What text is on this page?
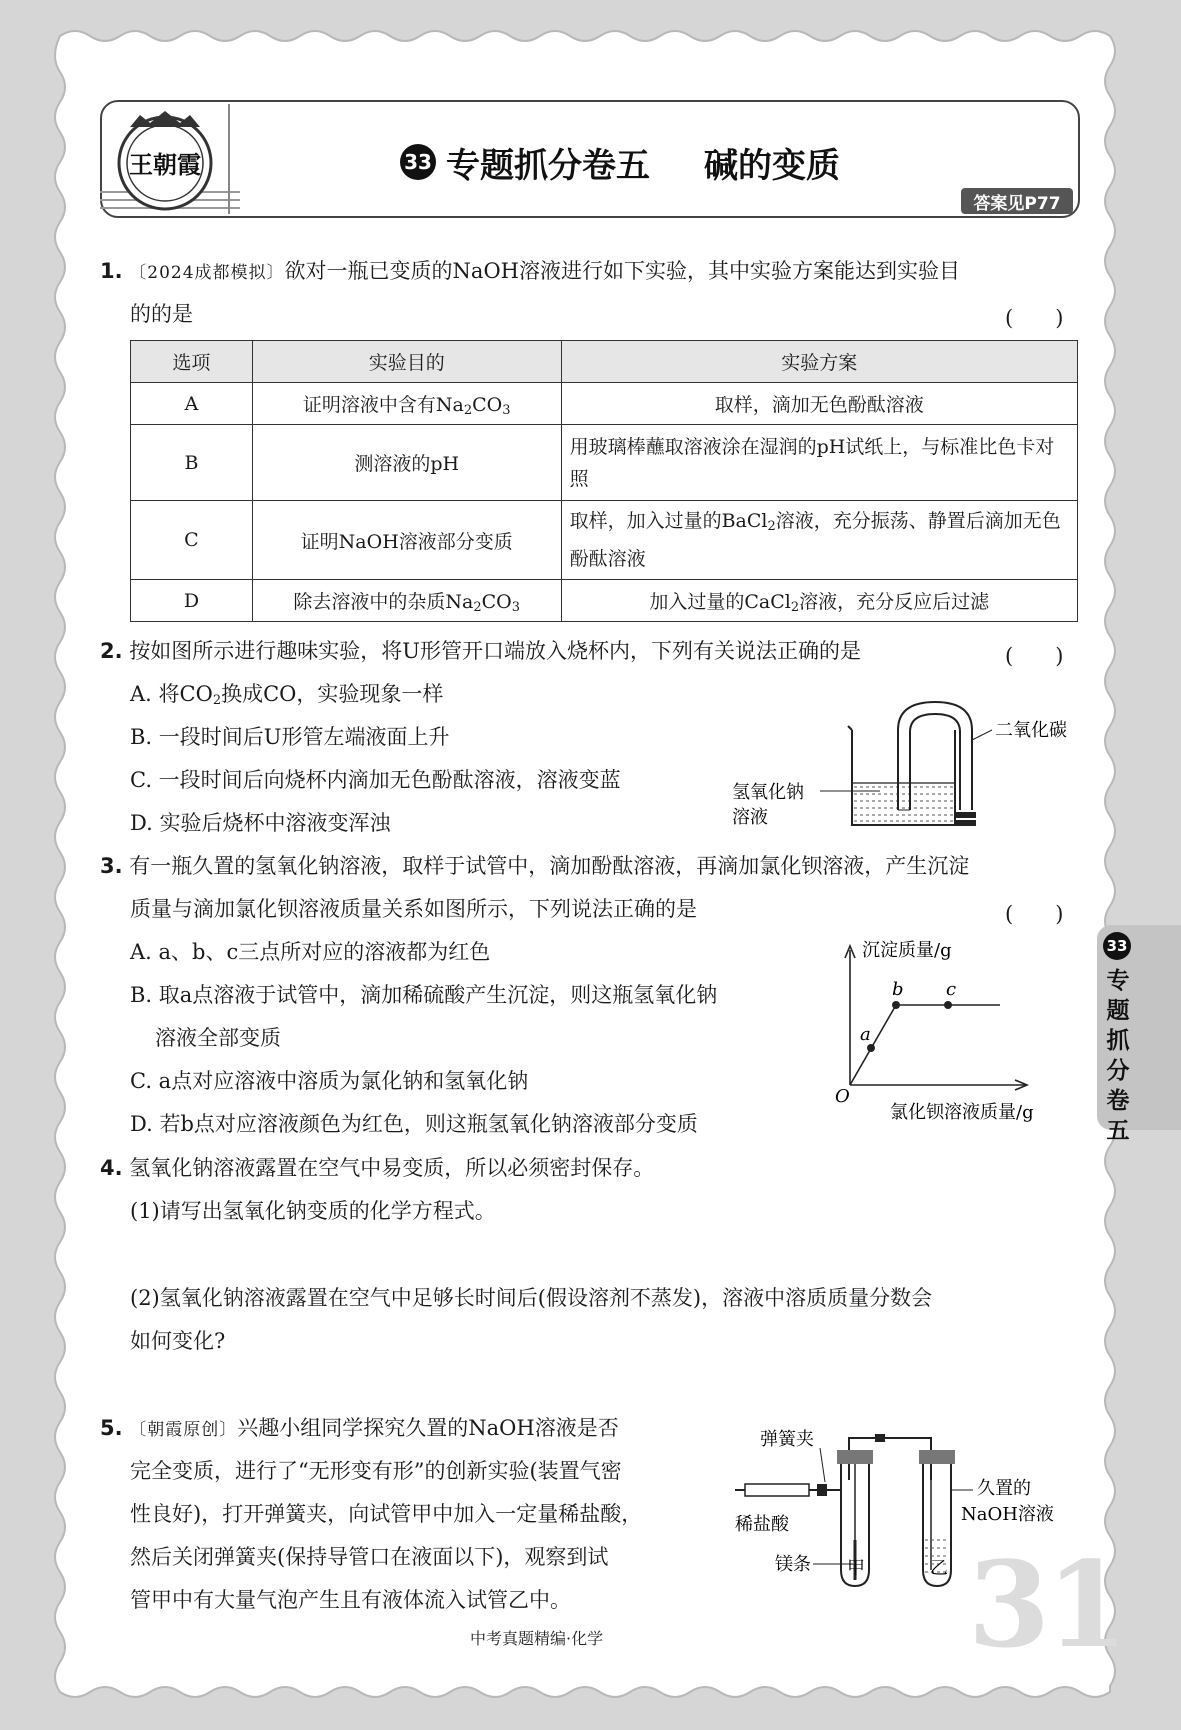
王朝霞	33 专题抓分卷五 碱的变质
答案见P77
1. 〔2024成都模拟〕欲对一瓶已变质的NaOH溶液进行如下实验，其中实验方案能达到实验目
的的是	(　　)
选项	实验目的	实验方案
A	证明溶液中含有$Na_2CO_3$	取样，滴加无色酚酞溶液
B	测溶液的pH	用玻璃棒蘸取溶液涂在湿润的pH试纸上，与标准比色卡对照
C	证明NaOH溶液部分变质	取样，加入过量的BaCl$_2$溶液，充分振荡、静置后滴加无色酚酞溶液
D	除去溶液中的杂质$Na_2CO_3$	加入过量的CaCl$_2$溶液，充分反应后过滤
2. 按如图所示进行趣味实验，将U形管开口端放入烧杯内，下列有关说法正确的是	(　　)
A. 将$CO_2$换成CO，实验现象一样
B. 一段时间后U形管左端液面上升
C. 一段时间后向烧杯内滴加无色酚酞溶液，溶液变蓝
D. 实验后烧杯中溶液变浑浊
二氧化碳
氢氧化钠
溶液
3. 有一瓶久置的氢氧化钠溶液，取样于试管中，滴加酚酞溶液，再滴加氯化钡溶液，产生沉淀
质量与滴加氯化钡溶液质量关系如图所示，下列说法正确的是	(　　)
A. a、b、c三点所对应的溶液都为红色
B. 取a点溶液于试管中，滴加稀硫酸产生沉淀，则这瓶氢氧化钠
溶液全部变质
C. a点对应溶液中溶质为氯化钠和氢氧化钠
D. 若b点对应溶液颜色为红色，则这瓶氢氧化钠溶液部分变质
沉淀质量/g
氯化钡溶液质量/g
O
a
b c
4. 氢氧化钠溶液露置在空气中易变质，所以必须密封保存。
(1)请写出氢氧化钠变质的化学方程式。
(2)氢氧化钠溶液露置在空气中足够长时间后(假设溶剂不蒸发)，溶液中溶质质量分数会
如何变化?
5. 〔朝霞原创〕兴趣小组同学探究久置的NaOH溶液是否
完全变质，进行了“无形变有形”的创新实验(装置气密
性良好)，打开弹簧夹，向试管甲中加入一定量稀盐酸，
然后关闭弹簧夹(保持导管口在液面以下)，观察到试
管甲中有大量气泡产生且有液体流入试管乙中。
弹簧夹
稀盐酸
镁条 甲	乙
久置的
NaOH溶液
33
专
题
抓
分
卷
五
31
中考真题精编·化学
